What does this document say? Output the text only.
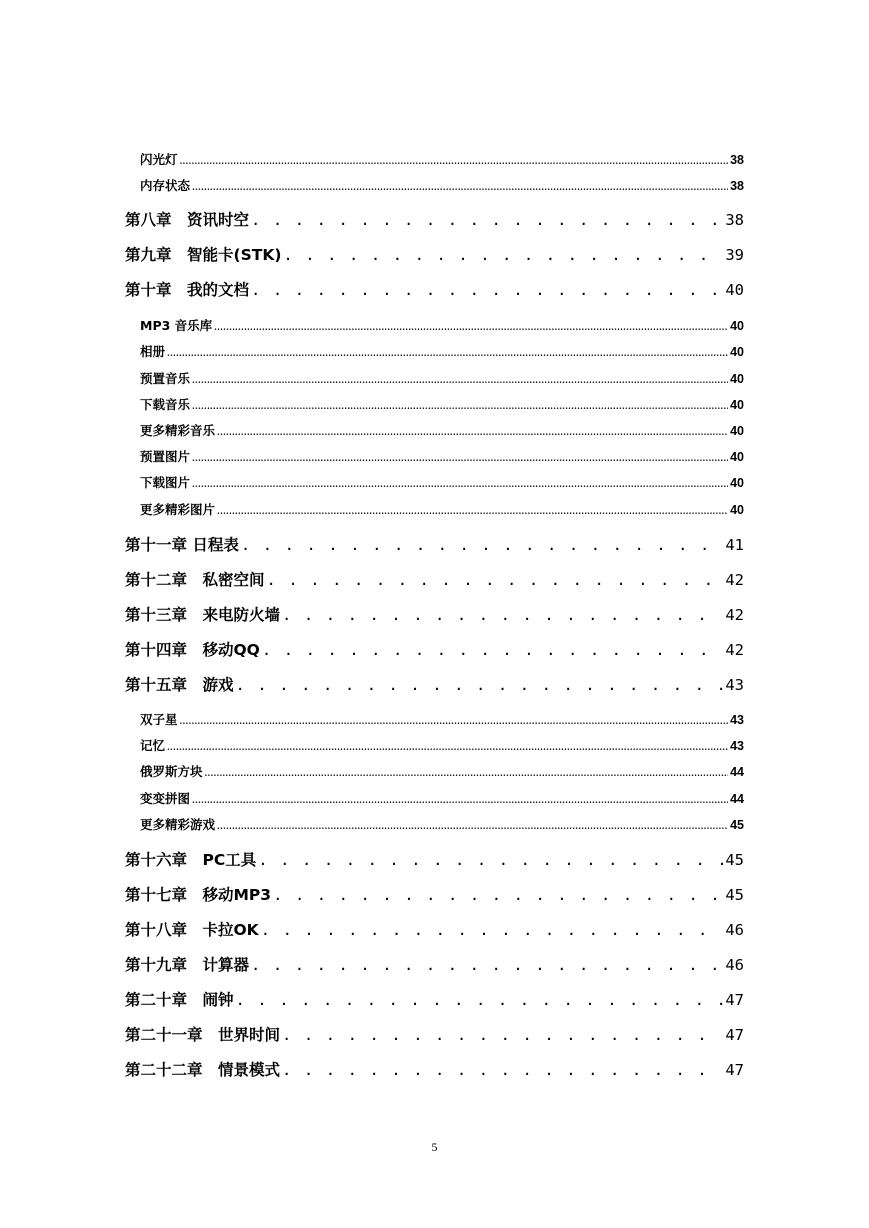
闪光灯 .....	38
内存状态 .....	38
第八章　资讯时空 . . .	38
第九章　智能卡(STK) . . .	39
第十章　我的文档 . . .	40
MP3 音乐库 .....	40
相册 .....	40
预置音乐 .....	40
下载音乐 .....	40
更多精彩音乐 .....	40
预置图片 .....	40
下载图片 .....	40
更多精彩图片 .....	40
第十一章 日程表 . . .	41
第十二章　私密空间 . . .	42
第十三章　来电防火墙 . . .	42
第十四章　移动QQ . . .	42
第十五章　游戏 . . .	43
双子星 .....	43
记忆 .....	43
俄罗斯方块 .....	44
变变拼图 .....	44
更多精彩游戏 .....	45
第十六章　PC工具 . . .	45
第十七章　移动MP3 . . .	45
第十八章　卡拉OK . . .	46
第十九章　计算器 . . .	46
第二十章　闹钟 . . .	47
第二十一章　世界时间 . . .	47
第二十二章　情景模式 . . .	47
5
